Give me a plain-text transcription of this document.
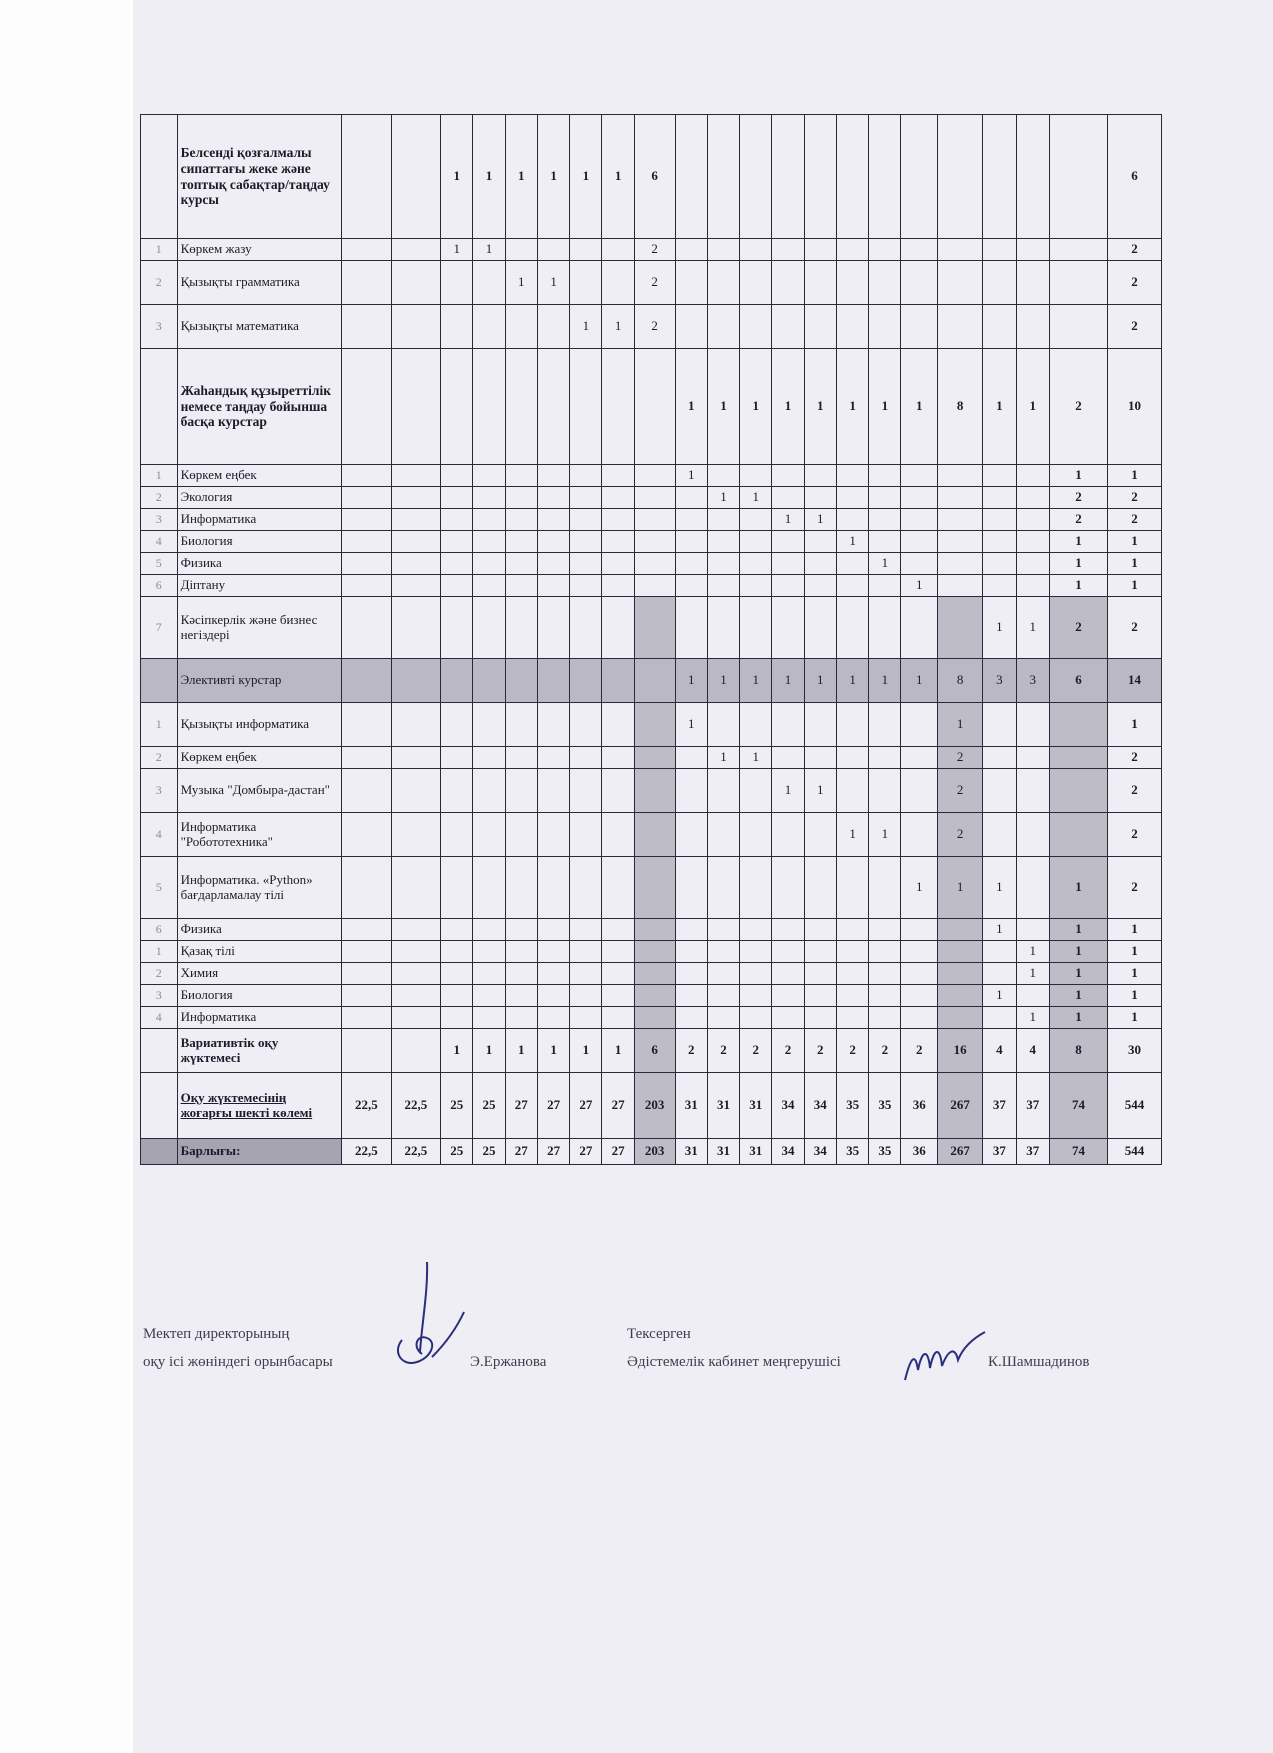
	Белсенді қозғалмалы сипаттағы жеке және топтық сабақтар/таңдау курсы			1	1	1	1	1	1	6													6
1	Көркем жазу			1	1					2													2
2	Қызықты грамматика					1	1			2													2
3	Қызықты математика							1	1	2													2
	Жаһандық құзыреттілік немесе таңдау бойынша басқа курстар										1	1	1	1	1	1	1	1	8	1	1	2	10
1	Көркем еңбек										1											1	1
2	Экология											1	1									2	2
3	Информатика													1	1							2	2
4	Биология															1						1	1
5	Физика																1					1	1
6	Діптану																	1				1	1
7	Кәсіпкерлік және бизнес негіздері																			1	1	2	2
	Элективті курстар										1	1	1	1	1	1	1	1	8	3	3	6	14
1	Қызықты информатика										1								1				1
2	Көркем еңбек											1	1						2				2
3	Музыка "Домбыра-дастан"													1	1				2				2
4	Информатика "Робототехника"															1	1		2				2
5	Информатика. «Python» бағдарламалау тілі																	1	1	1		1	2
6	Физика																			1		1	1
1	Қазақ тілі																				1	1	1
2	Химия																				1	1	1
3	Биология																			1		1	1
4	Информатика																				1	1	1
	Вариативтік оқу жүктемесі			1	1	1	1	1	1	6	2	2	2	2	2	2	2	2	16	4	4	8	30
	Оқу жүктемесінің жоғарғы шекті көлемі	22,5	22,5	25	25	27	27	27	27	203	31	31	31	34	34	35	35	36	267	37	37	74	544
	Барлығы:	22,5	22,5	25	25	27	27	27	27	203	31	31	31	34	34	35	35	36	267	37	37	74	544
Мектеп директорының
оқу ісі жөніндегі орынбасары	Э.Ержанова
Тексерген
Әдістемелік кабинет меңгерушісі	К.Шамшадинов
